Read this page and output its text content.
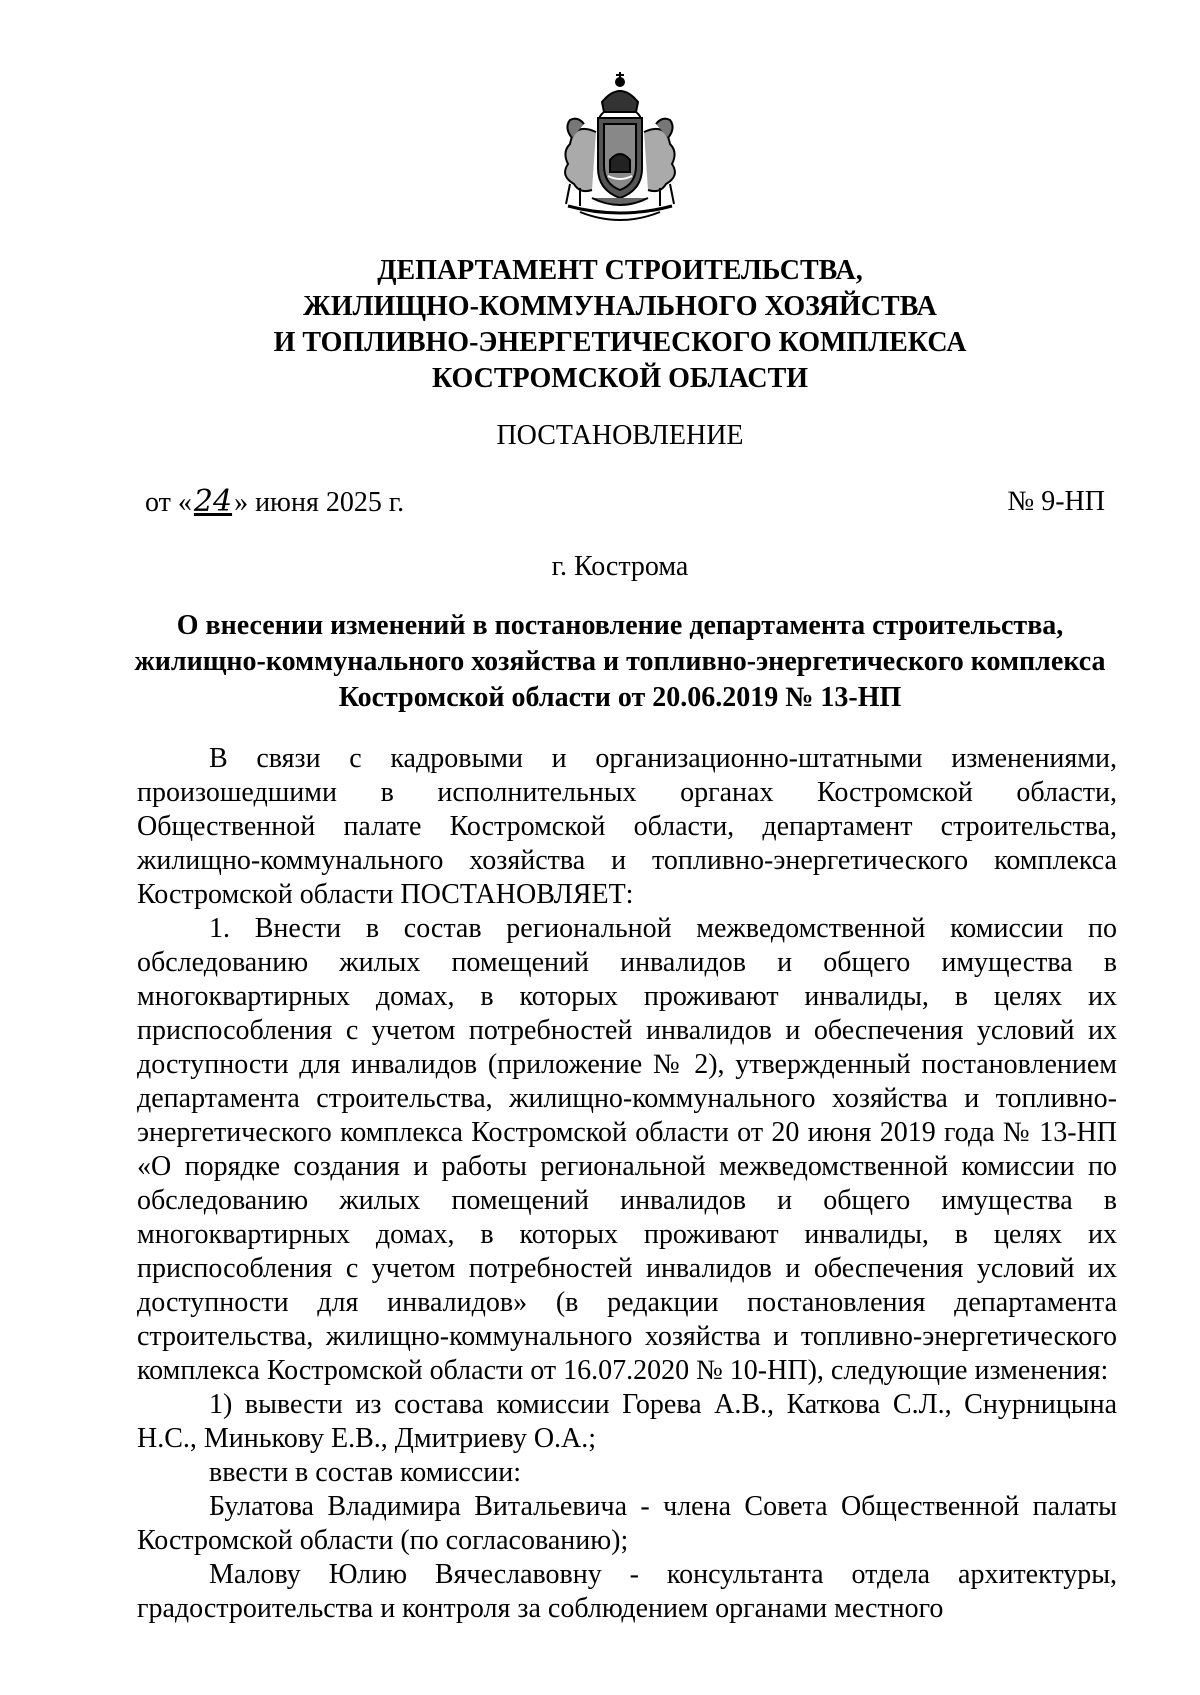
ДЕПАРТАМЕНТ СТРОИТЕЛЬСТВА,
ЖИЛИЩНО-КОММУНАЛЬНОГО ХОЗЯЙСТВА
И ТОПЛИВНО-ЭНЕРГЕТИЧЕСКОГО КОМПЛЕКСА
КОСТРОМСКОЙ ОБЛАСТИ
ПОСТАНОВЛЕНИЕ
от «24» июня 2025 г.	№ 9-НП
г. Кострома
О внесении изменений в постановление департамента строительства,
жилищно-коммунального хозяйства и топливно-энергетического комплекса
Костромской области от 20.06.2019 № 13-НП

В связи с кадровыми и организационно-штатными изменениями, произошедшими в исполнительных органах Костромской области, Общественной палате Костромской области, департамент строительства, жилищно-коммунального хозяйства и топливно-энергетического комплекса Костромской области ПОСТАНОВЛЯЕТ:

1. Внести в состав региональной межведомственной комиссии по обследованию жилых помещений инвалидов и общего имущества в многоквартирных домах, в которых проживают инвалиды, в целях их приспособления с учетом потребностей инвалидов и обеспечения условий их доступности для инвалидов (приложение № 2), утвержденный постановлением департамента строительства, жилищно-коммунального хозяйства и топливно-энергетического комплекса Костромской области от 20 июня 2019 года № 13-НП «О порядке создания и работы региональной межведомственной комиссии по обследованию жилых помещений инвалидов и общего имущества в многоквартирных домах, в которых проживают инвалиды, в целях их приспособления с учетом потребностей инвалидов и обеспечения условий их доступности для инвалидов» (в редакции постановления департамента строительства, жилищно-коммунального хозяйства и топливно-энергетического комплекса Костромской области от 16.07.2020 № 10-НП), следующие изменения:

1) вывести из состава комиссии Горева А.В., Каткова С.Л., Снурницына Н.С., Минькову Е.В., Дмитриеву О.А.;

ввести в состав комиссии:

Булатова Владимира Витальевича - члена Совета Общественной палаты Костромской области (по согласованию);

Малову Юлию Вячеславовну - консультанта отдела архитектуры, градостроительства и контроля за соблюдением органами местного
